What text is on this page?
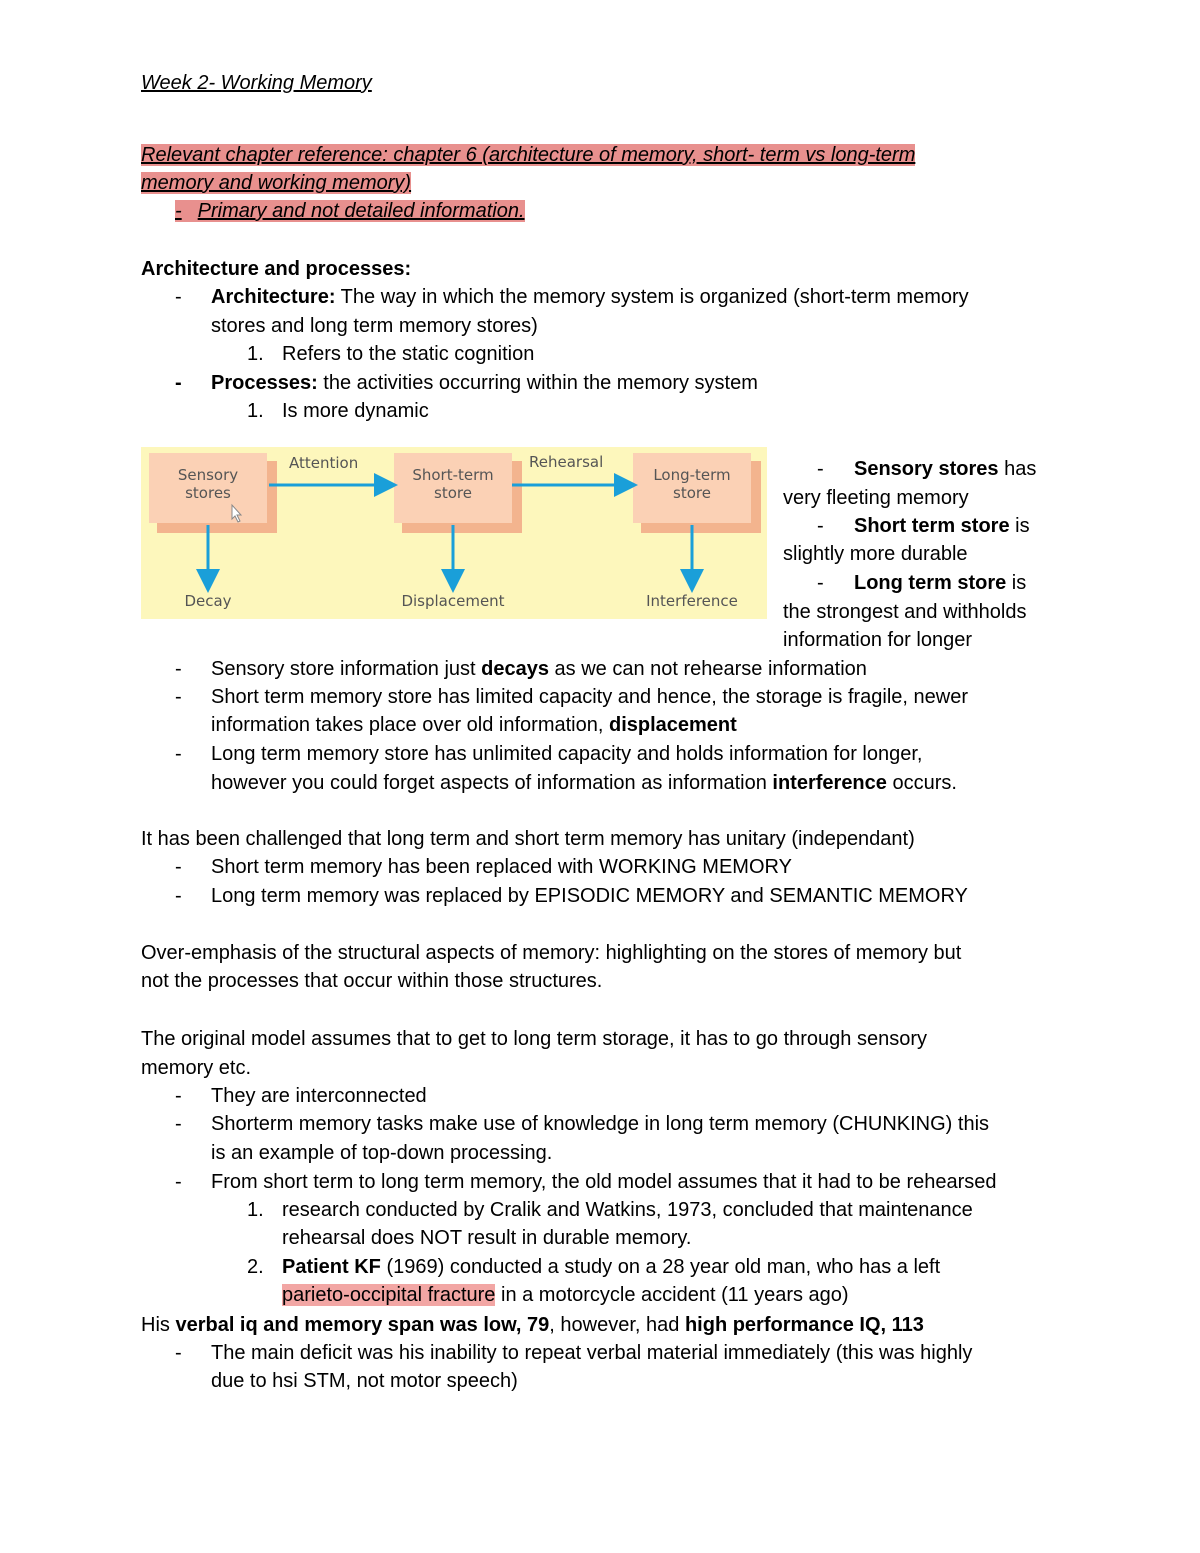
Week 2- Working Memory
Relevant chapter reference: chapter 6 (architecture of memory, short- term vs long-term
memory and working memory)
- Primary and not detailed information.
Architecture and processes:
-	Architecture: The way in which the memory system is organized (short-term memory
stores and long term memory stores)
1. Refers to the static cognition
-	Processes: the activities occurring within the memory system
1. Is more dynamic
Sensory
stores
Short-term
store
Long-term
store
Attention	Rehearsal
Decay	Displacement	Interference
- Sensory stores has
very fleeting memory
- Short term store is
slightly more durable
- Long term store is
the strongest and withholds
information for longer
-	Sensory store information just decays as we can not rehearse information
-	Short term memory store has limited capacity and hence, the storage is fragile, newer
information takes place over old information, displacement
-	Long term memory store has unlimited capacity and holds information for longer,
however you could forget aspects of information as information interference occurs.
It has been challenged that long term and short term memory has unitary (independant)
-	Short term memory has been replaced with WORKING MEMORY
-	Long term memory was replaced by EPISODIC MEMORY and SEMANTIC MEMORY
Over-emphasis of the structural aspects of memory: highlighting on the stores of memory but
not the processes that occur within those structures.
The original model assumes that to get to long term storage, it has to go through sensory
memory etc.
-	They are interconnected
-	Shorterm memory tasks make use of knowledge in long term memory (CHUNKING) this
is an example of top-down processing.
-	From short term to long term memory, the old model assumes that it had to be rehearsed
1. research conducted by Cralik and Watkins, 1973, concluded that maintenance
rehearsal does NOT result in durable memory.
2. Patient KF (1969) conducted a study on a 28 year old man, who has a left
parieto-occipital fracture in a motorcycle accident (11 years ago)
His verbal iq and memory span was low, 79, however, had high performance IQ, 113
-	The main deficit was his inability to repeat verbal material immediately (this was highly
due to hsi STM, not motor speech)
